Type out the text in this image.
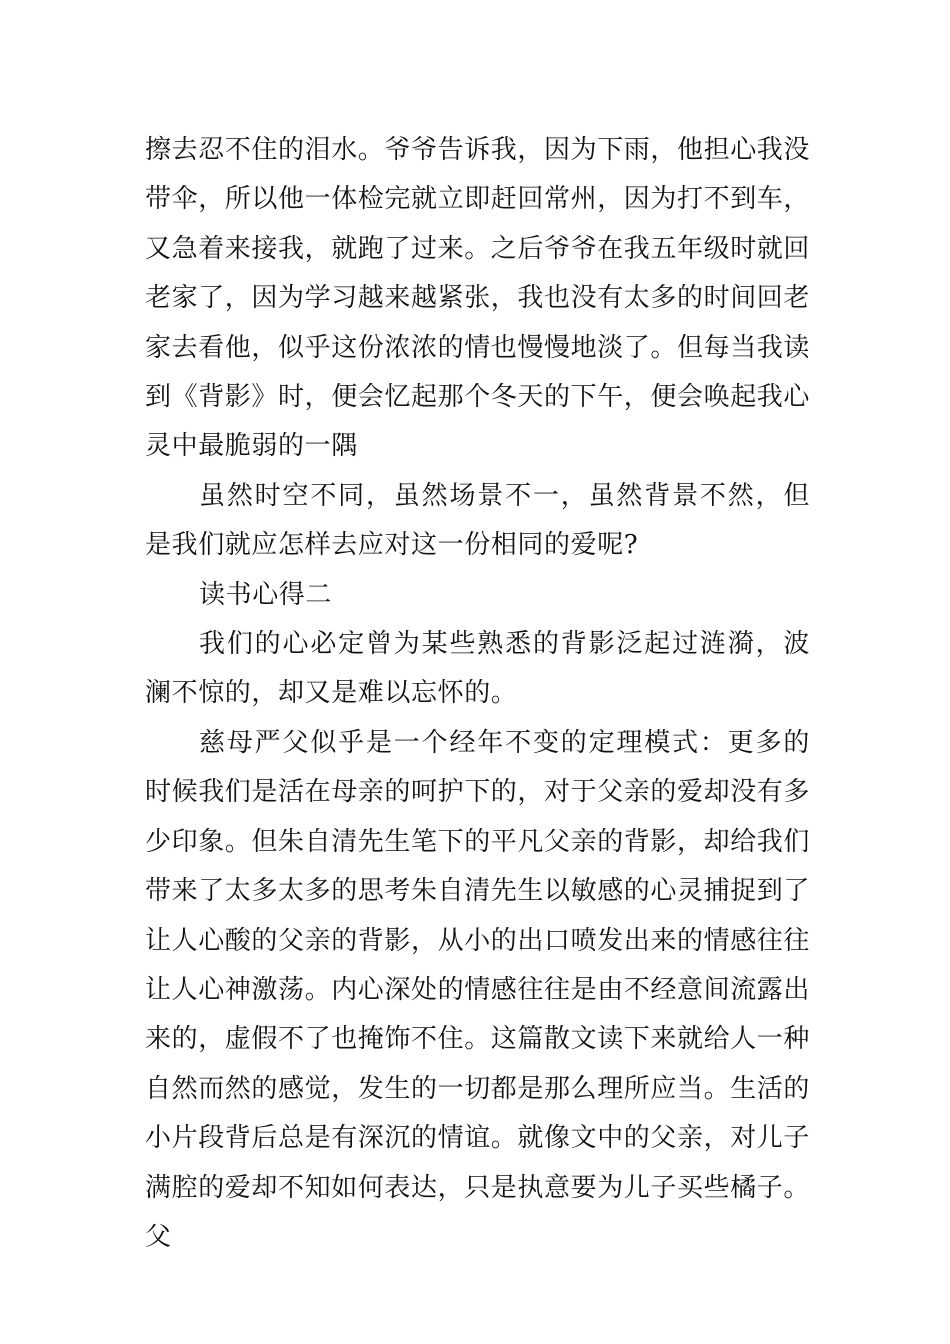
擦去忍不住的泪水。爷爷告诉我，因为下雨，他担心我没带伞，所以他一体检完就立即赶回常州，因为打不到车，又急着来接我，就跑了过来。之后爷爷在我五年级时就回老家了，因为学习越来越紧张，我也没有太多的时间回老家去看他，似乎这份浓浓的情也慢慢地淡了。但每当我读到《背影》时，便会忆起那个冬天的下午，便会唤起我心灵中最脆弱的一隅

虽然时空不同，虽然场景不一，虽然背景不然，但是我们就应怎样去应对这一份相同的爱呢?

读书心得二

我们的心必定曾为某些熟悉的背影泛起过涟漪，波澜不惊的，却又是难以忘怀的。

慈母严父似乎是一个经年不变的定理模式：更多的时候我们是活在母亲的呵护下的，对于父亲的爱却没有多少印象。但朱自清先生笔下的平凡父亲的背影，却给我们带来了太多太多的思考朱自清先生以敏感的心灵捕捉到了让人心酸的父亲的背影，从小的出口喷发出来的情感往往让人心神激荡。内心深处的情感往往是由不经意间流露出来的，虚假不了也掩饰不住。这篇散文读下来就给人一种自然而然的感觉，发生的一切都是那么理所应当。生活的小片段背后总是有深沉的情谊。就像文中的父亲，对儿子满腔的爱却不知如何表达，只是执意要为儿子买些橘子。父
